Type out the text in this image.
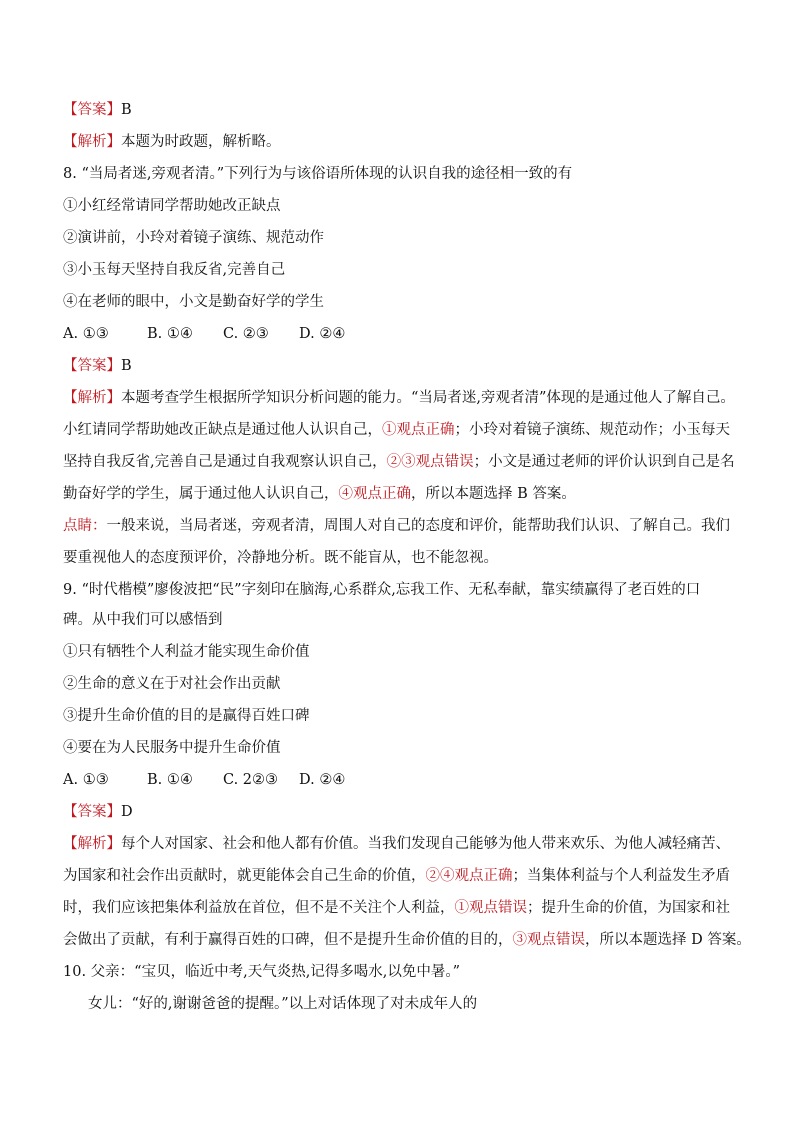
【答案】B
【解析】本题为时政题，解析略。
8. “当局者迷,旁观者清。”下列行为与该俗语所体现的认识自我的途径相一致的有
①小红经常请同学帮助她改正缺点
②演讲前，小玲对着镜子演练、规范动作
③小玉每天坚持自我反省,完善自己
④在老师的眼中，小文是勤奋好学的学生
A. ①③	B. ①④ C. ②③ D. ②④
【答案】B
【解析】本题考查学生根据所学知识分析问题的能力。“当局者迷,旁观者清”体现的是通过他人了解自己。
小红请同学帮助她改正缺点是通过他人认识自己，①观点正确；小玲对着镜子演练、规范动作；小玉每天
坚持自我反省,完善自己是通过自我观察认识自己，②③观点错误；小文是通过老师的评价认识到自己是名
勤奋好学的学生，属于通过他人认识自己，④观点正确，所以本题选择 B 答案。
点睛：一般来说，当局者迷，旁观者清，周围人对自己的态度和评价，能帮助我们认识、了解自己。我们
要重视他人的态度预评价，冷静地分析。既不能盲从，也不能忽视。
9. “时代楷模”廖俊波把“民”字刻印在脑海,心系群众,忘我工作、无私奉献，靠实绩赢得了老百姓的口
碑。从中我们可以感悟到
①只有牺牲个人利益才能实现生命价值
②生命的意义在于对社会作出贡献
③提升生命价值的目的是赢得百姓口碑
④要在为人民服务中提升生命价值
A. ①③	B. ①④ C. 2②③ D. ②④
【答案】D
【解析】每个人对国家、社会和他人都有价值。当我们发现自己能够为他人带来欢乐、为他人减轻痛苦、
为国家和社会作出贡献时，就更能体会自己生命的价值，②④观点正确；当集体利益与个人利益发生矛盾
时，我们应该把集体利益放在首位，但不是不关注个人利益，①观点错误；提升生命的价值，为国家和社
会做出了贡献，有利于赢得百姓的口碑，但不是提升生命价值的目的，③观点错误，所以本题选择 D 答案。
10. 父亲：“宝贝，临近中考,天气炎热,记得多喝水,以免中暑。”
女儿：“好的,谢谢爸爸的提醒。”以上对话体现了对未成年人的
